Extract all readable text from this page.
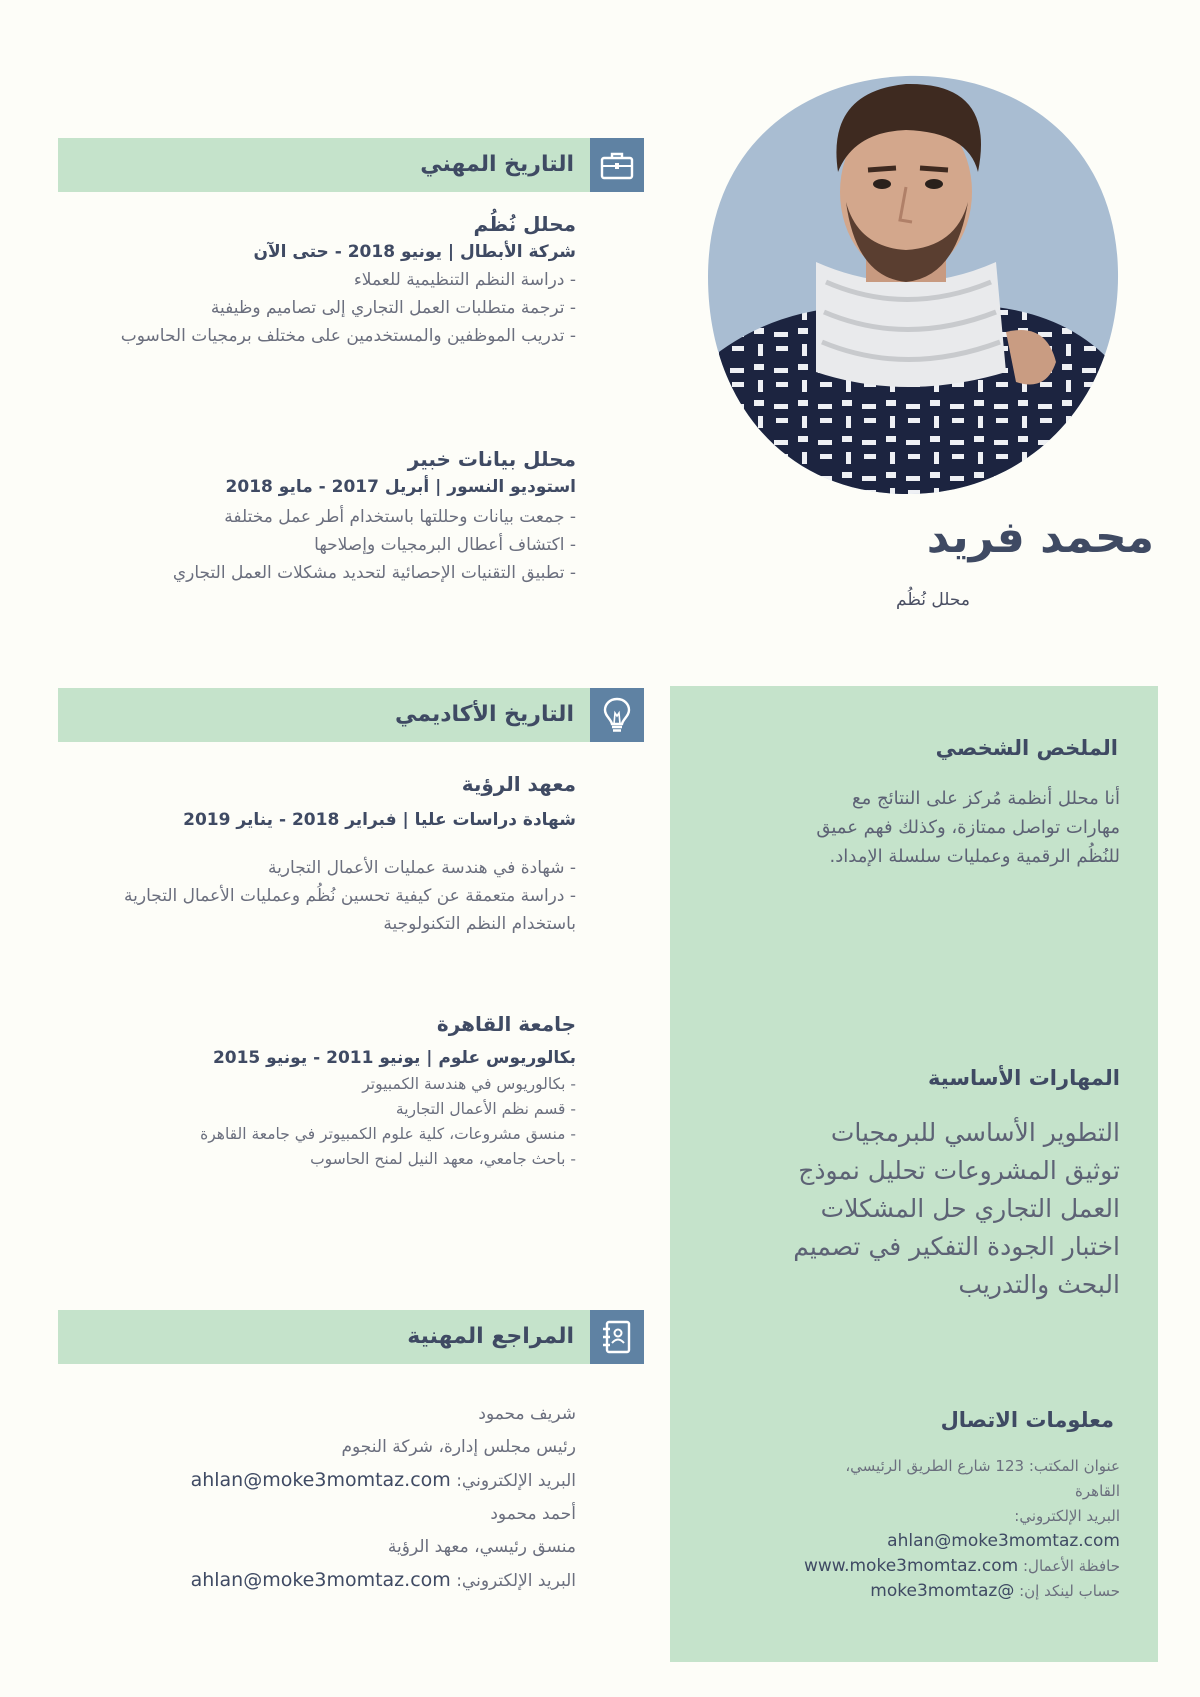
محمد فريد
محلل نُظُم
التاريخ المهني
محلل نُظُم
شركة الأبطال | يونيو 2018 - حتى الآن
- دراسة النظم التنظيمية للعملاء
- ترجمة متطلبات العمل التجاري إلى تصاميم وظيفية
- تدريب الموظفين والمستخدمين على مختلف برمجيات الحاسوب
محلل بيانات خبير
استوديو النسور | أبريل 2017 - مايو 2018
- جمعت بيانات وحللتها باستخدام أطر عمل مختلفة
- اكتشاف أعطال البرمجيات وإصلاحها
- تطبيق التقنيات الإحصائية لتحديد مشكلات العمل التجاري
التاريخ الأكاديمي
معهد الرؤية
شهادة دراسات عليا | فبراير 2018 - يناير 2019
- شهادة في هندسة عمليات الأعمال التجارية
- دراسة متعمقة عن كيفية تحسين نُظُم وعمليات الأعمال التجارية
باستخدام النظم التكنولوجية
جامعة القاهرة
بكالوريوس علوم | يونيو 2011 - يونيو 2015
- بكالوريوس في هندسة الكمبيوتر
- قسم نظم الأعمال التجارية
- منسق مشروعات، كلية علوم الكمبيوتر في جامعة القاهرة
- باحث جامعي، معهد النيل لمنح الحاسوب
المراجع المهنية
شريف محمود
رئيس مجلس إدارة، شركة النجوم
البريد الإلكتروني: ahlan@moke3momtaz.com
أحمد محمود
منسق رئيسي، معهد الرؤية
البريد الإلكتروني: ahlan@moke3momtaz.com
الملخص الشخصي
أنا محلل أنظمة مُركز على النتائج مع
مهارات تواصل ممتازة، وكذلك فهم عميق
للنُظُم الرقمية وعمليات سلسلة الإمداد.
المهارات الأساسية
التطوير الأساسي للبرمجيات
توثيق المشروعات تحليل نموذج
العمل التجاري حل المشكلات
اختبار الجودة التفكير في تصميم
البحث والتدريب
معلومات الاتصال
عنوان المكتب: 123 شارع الطريق الرئيسي،
القاهرة
البريد الإلكتروني:
ahlan@moke3momtaz.com
حافظة الأعمال: www.moke3momtaz.com
حساب لينكد إن: @moke3momtaz
